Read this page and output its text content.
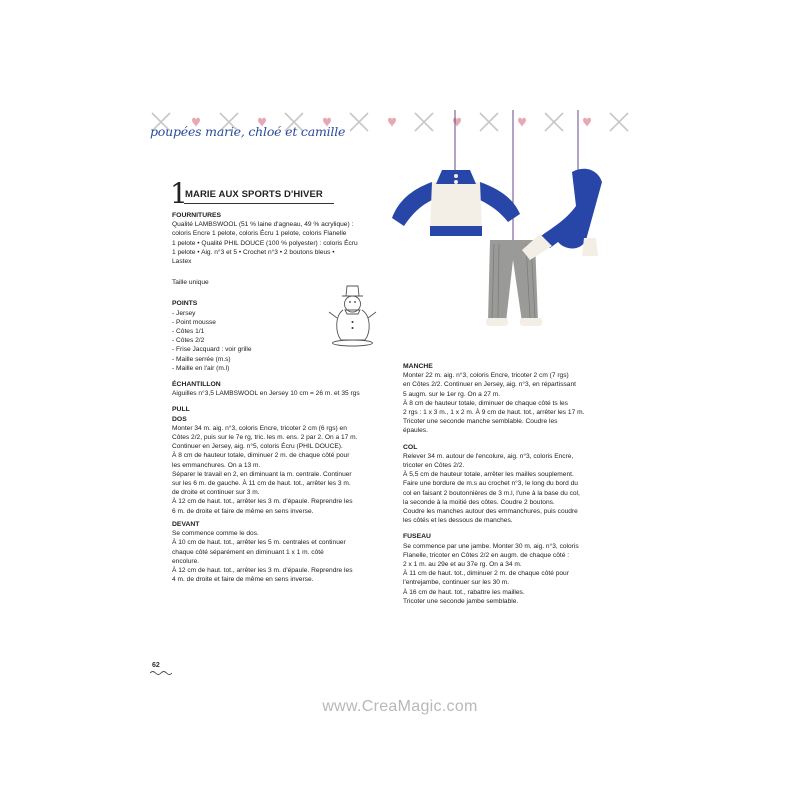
poupées marie, chloé et camille
1
MARIE AUX SPORTS D'HIVER

FOURNITURES

Qualité LAMBSWOOL (51 % laine d'agneau, 49 % acrylique) :

coloris Encre 1 pelote, coloris Écru 1 pelote, coloris Flanelle

1 pelote • Qualité PHIL DOUCE (100 % polyester) : coloris Écru

1 pelote • Aig. n°3 et 5 • Crochet n°3 • 2 boutons bleus •

Lastex

Taille unique

POINTS

- Jersey

- Point mousse

- Côtes 1/1

- Côtes 2/2

- Frise Jacquard : voir grille

- Maille serrée (m.s)

- Maille en l'air (m.l)

ÉCHANTILLON

Aiguilles n°3,5 LAMBSWOOL en Jersey 10 cm = 26 m. et 35 rgs

PULL

DOS

Monter 34 m. aig. n°3, coloris Encre, tricoter 2 cm (6 rgs) en

Côtes 2/2, puis sur le 7e rg, tric. les m. ens. 2 par 2. On a 17 m.

Continuer en Jersey, aig. n°5, coloris Écru (PHIL DOUCE).

À 8 cm de hauteur totale, diminuer 2 m. de chaque côté pour

les emmanchures. On a 13 m.

Séparer le travail en 2, en diminuant la m. centrale. Continuer

sur les 6 m. de gauche. À 11 cm de haut. tot., arrêter les 3 m.

de droite et continuer sur 3 m.

À 12 cm de haut. tot., arrêter les 3 m. d'épaule. Reprendre les

6 m. de droite et faire de même en sens inverse.

DEVANT

Se commence comme le dos.

À 10 cm de haut. tot., arrêter les 5 m. centrales et continuer

chaque côté séparément en diminuant 1 x 1 m. côté

encolure.

À 12 cm de haut. tot., arrêter les 3 m. d'épaule. Reprendre les

4 m. de droite et faire de même en sens inverse.

MANCHE

Monter 22 m. aig. n°3, coloris Encre, tricoter 2 cm (7 rgs)

en Côtes 2/2. Continuer en Jersey, aig. n°3, en répartissant

5 augm. sur le 1er rg. On a 27 m.

À 8 cm de hauteur totale, diminuer de chaque côté ts les

2 rgs : 1 x 3 m., 1 x 2 m. À 9 cm de haut. tot., arrêter les 17 m.

Tricoter une seconde manche semblable. Coudre les

épaules.

COL

Relever 34 m. autour de l'encolure, aig. n°3, coloris Encre,

tricoter en Côtes 2/2.

À 5,5 cm de hauteur totale, arrêter les mailles souplement.

Faire une bordure de m.s au crochet n°3, le long du bord du

col en faisant 2 boutonnières de 3 m.l, l'une à la base du col,

la seconde à la moitié des côtes. Coudre 2 boutons.

Coudre les manches autour des emmanchures, puis coudre

les côtés et les dessous de manches.

FUSEAU

Se commence par une jambe. Monter 30 m. aig. n°3, coloris

Flanelle, tricoter en Côtes 2/2 en augm. de chaque côté :

2 x 1 m. au 29e et au 37e rg. On a 34 m.

À 11 cm de haut. tot., diminuer 2 m. de chaque côté pour

l'entrejambe, continuer sur les 30 m.

À 16 cm de haut. tot., rabattre les mailles.

Tricoter une seconde jambe semblable.

62
www.CreaMagic.com
